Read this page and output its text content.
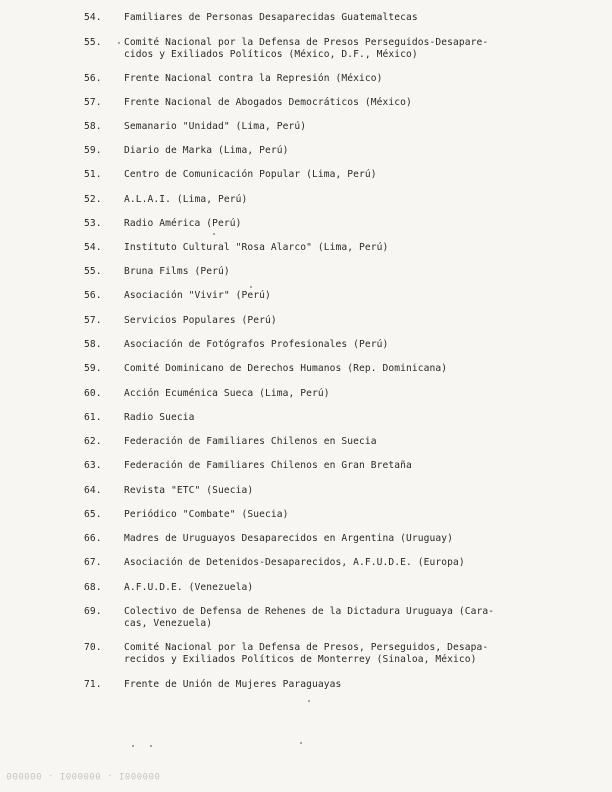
54.	Familiares de Personas Desaparecidas Guatemaltecas
55.	Comité Nacional por la Defensa de Presos Perseguidos-Desapare-
cidos y Exiliados Políticos (México, D.F., México)
56.	Frente Nacional contra la Represión (México)
57.	Frente Nacional de Abogados Democráticos (México)
58.	Semanario "Unidad" (Lima, Perú)
59.	Diario de Marka (Lima, Perú)
51.	Centro de Comunicación Popular (Lima, Perú)
52.	A.L.A.I. (Lima, Perú)
53.	Radio América (Perú)
54.	Instituto Cultural "Rosa Alarco" (Lima, Perú)
55.	Bruna Films (Perú)
56.	Asociación "Vivir" (Perú)
57.	Servicios Populares (Perú)
58.	Asociación de Fotógrafos Profesionales (Perú)
59.	Comité Dominicano de Derechos Humanos (Rep. Dominicana)
60.	Acción Ecuménica Sueca (Lima, Perú)
61.	Radio Suecia
62.	Federación de Familiares Chilenos en Suecia
63.	Federación de Familiares Chilenos en Gran Bretaña
64.	Revista "ETC" (Suecia)
65.	Periódico "Combate" (Suecia)
66.	Madres de Uruguayos Desaparecidos en Argentina (Uruguay)
67.	Asociación de Detenidos-Desaparecidos, A.F.U.D.E. (Europa)
68.	A.F.U.D.E. (Venezuela)
69.	Colectivo de Defensa de Rehenes de la Dictadura Uruguaya (Cara-
cas, Venezuela)
70.	Comité Nacional por la Defensa de Presos, Perseguidos, Desapa-
recidos y Exiliados Políticos de Monterrey (Sinaloa, México)
71.	Frente de Unión de Mujeres Paraguayas
000000I - 000000I - 000000
